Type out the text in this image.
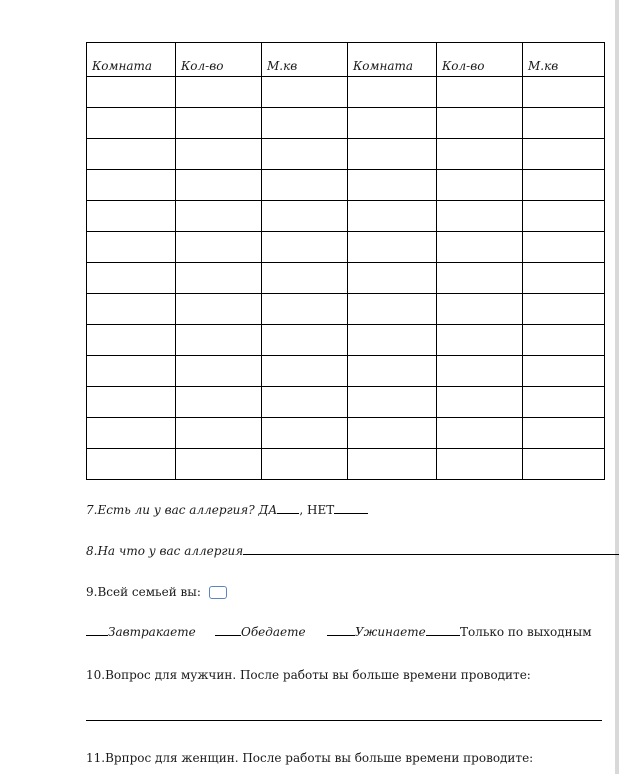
Комната	Кол-во	М.кв	Комната	Кол-во	М.кв

7.Есть ли у вас аллергия? ДА , НЕТ
8.На что у вас аллергия
9.Всей семьей вы:
Завтракаете	Обедаете	Ужинаете	Только по выходным
10.Вопрос для мужчин. После работы вы больше времени проводите:
11.Врпрос для женщин. После работы вы больше времени проводите:
